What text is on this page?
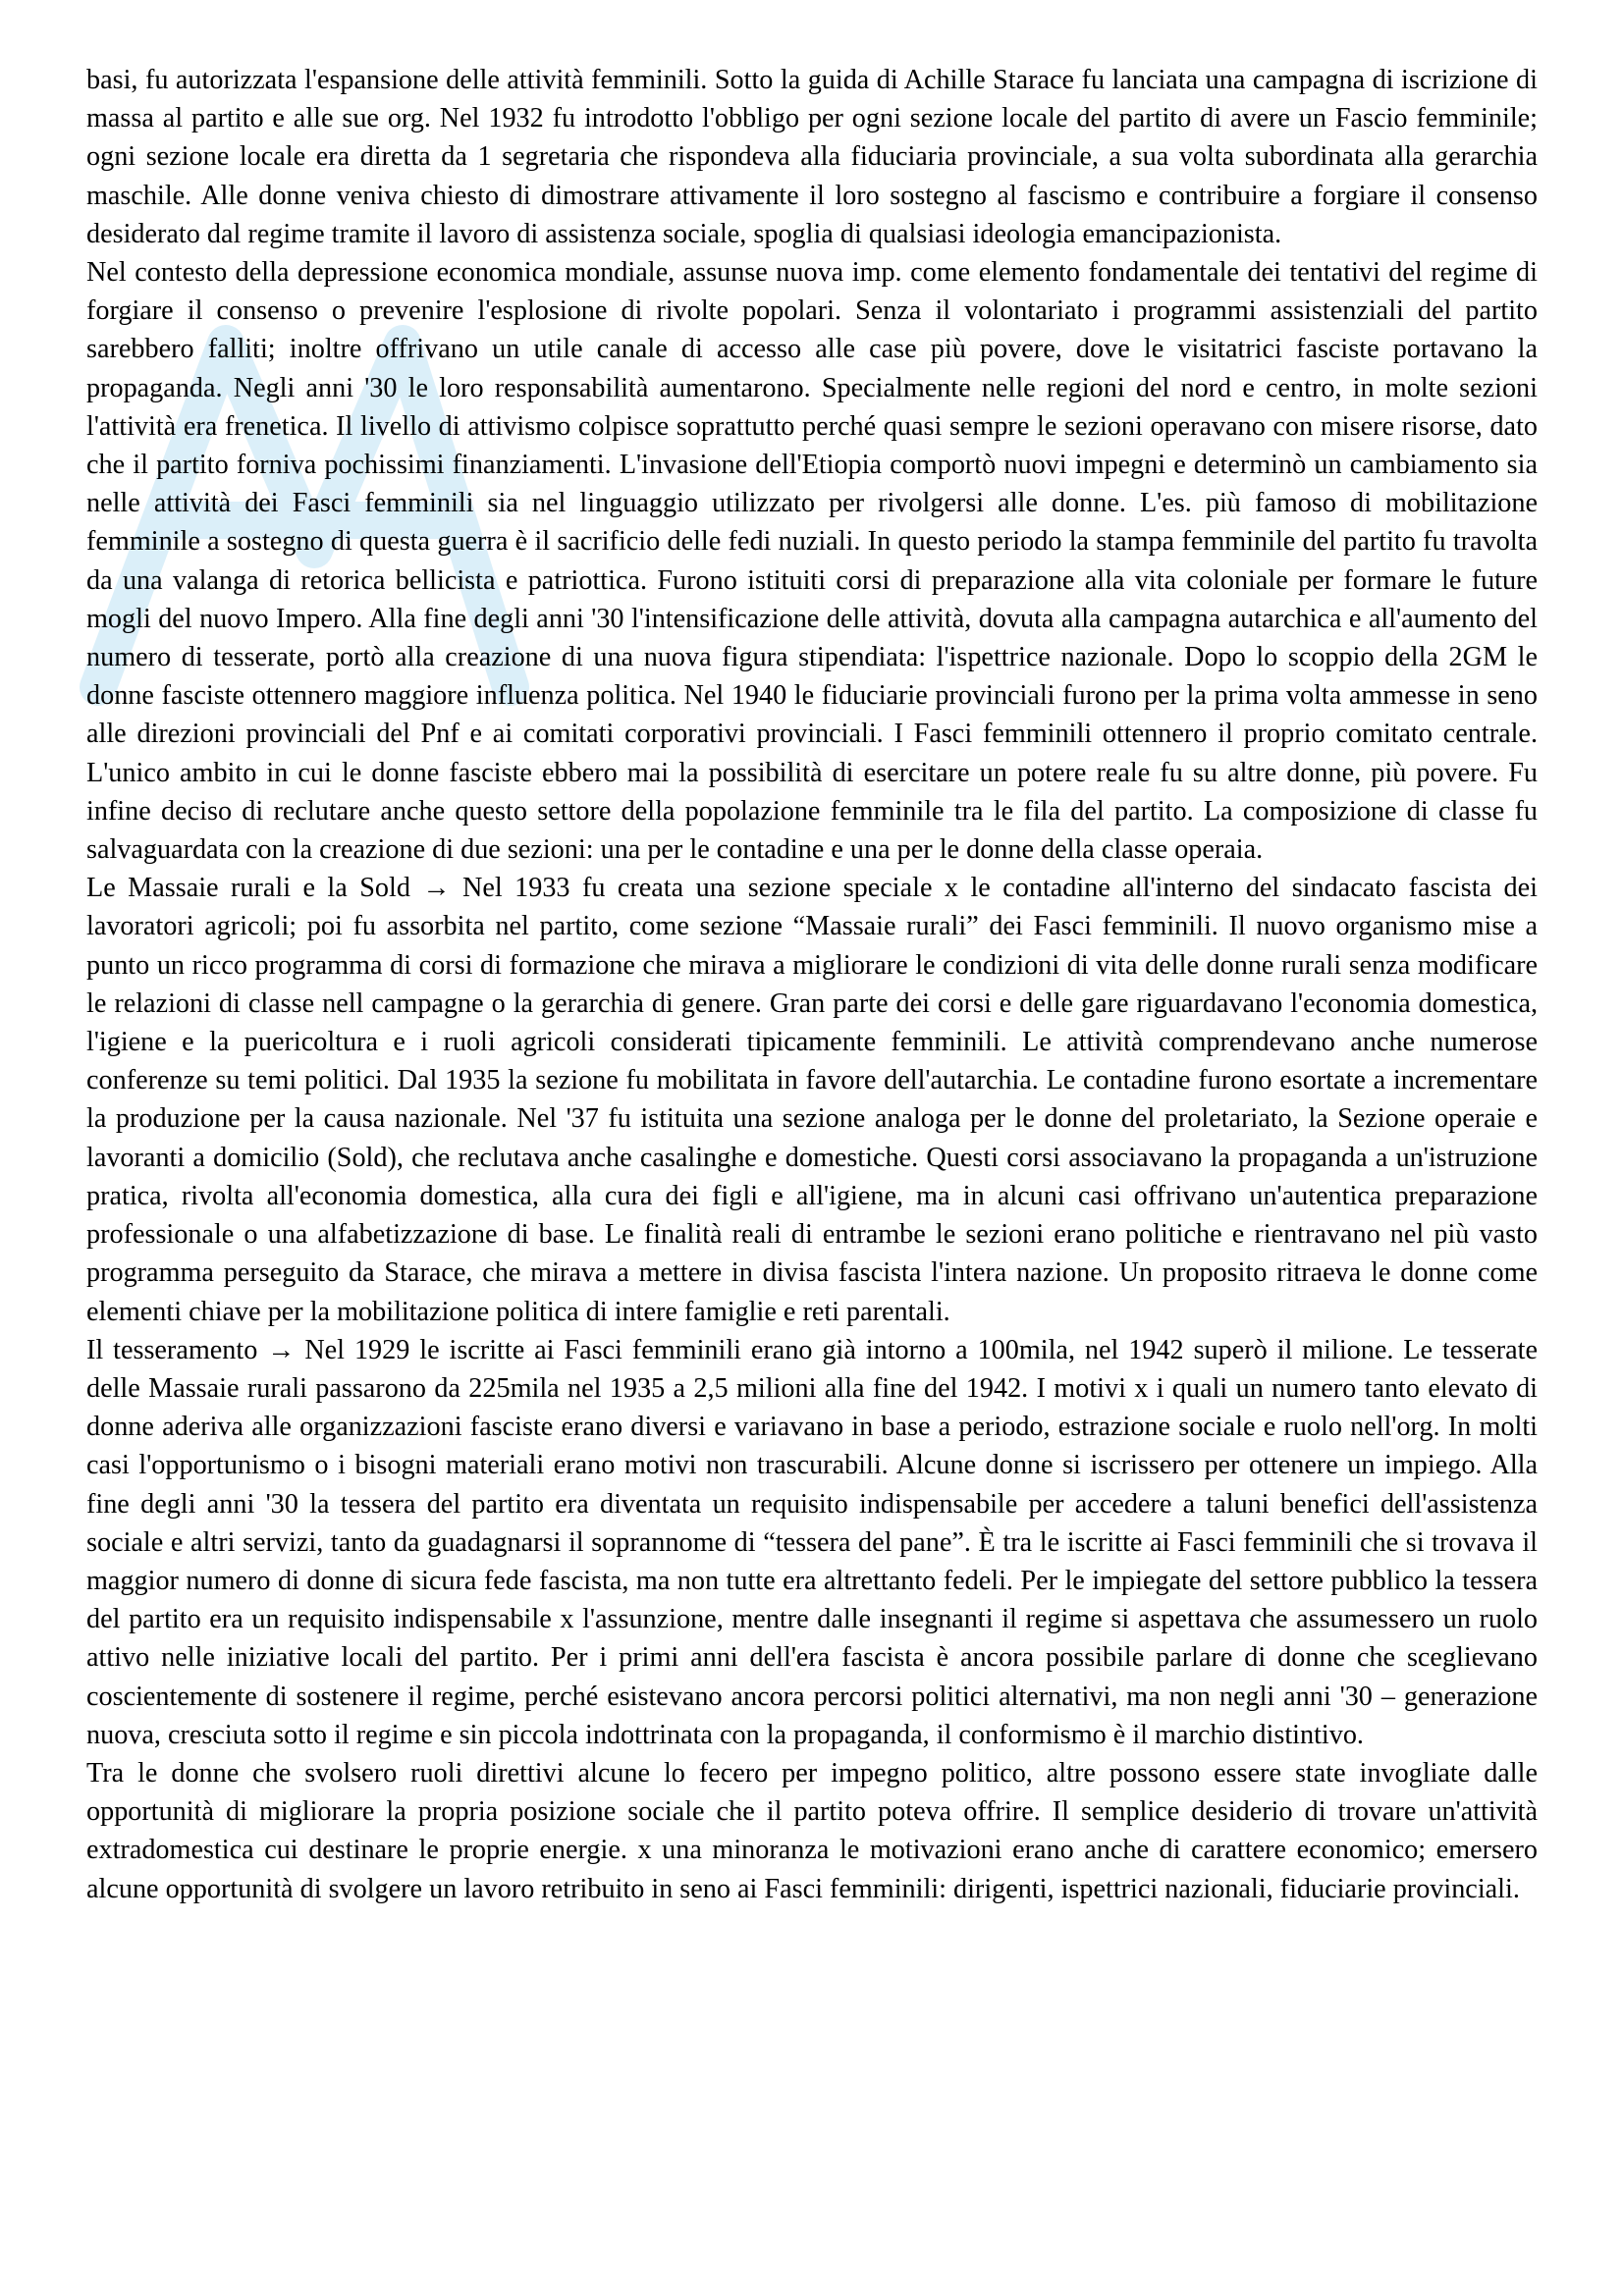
basi, fu autorizzata l'espansione delle attività femminili. Sotto la guida di Achille Starace fu lanciata una campagna di iscrizione di massa al partito e alle sue org. Nel 1932 fu introdotto l'obbligo per ogni sezione locale del partito di avere un Fascio femminile; ogni sezione locale era diretta da 1 segretaria che rispondeva alla fiduciaria provinciale, a sua volta subordinata alla gerarchia maschile. Alle donne veniva chiesto di dimostrare attivamente il loro sostegno al fascismo e contribuire a forgiare il consenso desiderato dal regime tramite il lavoro di assistenza sociale, spoglia di qualsiasi ideologia emancipazionista.

Nel contesto della depressione economica mondiale, assunse nuova imp. come elemento fondamentale dei tentativi del regime di forgiare il consenso o prevenire l'esplosione di rivolte popolari. Senza il volontariato i programmi assistenziali del partito sarebbero falliti; inoltre offrivano un utile canale di accesso alle case più povere, dove le visitatrici fasciste portavano la propaganda. Negli anni '30 le loro responsabilità aumentarono. Specialmente nelle regioni del nord e centro, in molte sezioni l'attività era frenetica. Il livello di attivismo colpisce soprattutto perché quasi sempre le sezioni operavano con misere risorse, dato che il partito forniva pochissimi finanziamenti. L'invasione dell'Etiopia comportò nuovi impegni e determinò un cambiamento sia nelle attività dei Fasci femminili sia nel linguaggio utilizzato per rivolgersi alle donne. L'es. più famoso di mobilitazione femminile a sostegno di questa guerra è il sacrificio delle fedi nuziali. In questo periodo la stampa femminile del partito fu travolta da una valanga di retorica bellicista e patriottica. Furono istituiti corsi di preparazione alla vita coloniale per formare le future mogli del nuovo Impero. Alla fine degli anni '30 l'intensificazione delle attività, dovuta alla campagna autarchica e all'aumento del numero di tesserate, portò alla creazione di una nuova figura stipendiata: l'ispettrice nazionale. Dopo lo scoppio della 2GM le donne fasciste ottennero maggiore influenza politica. Nel 1940 le fiduciarie provinciali furono per la prima volta ammesse in seno alle direzioni provinciali del Pnf e ai comitati corporativi provinciali. I Fasci femminili ottennero il proprio comitato centrale. L'unico ambito in cui le donne fasciste ebbero mai la possibilità di esercitare un potere reale fu su altre donne, più povere. Fu infine deciso di reclutare anche questo settore della popolazione femminile tra le fila del partito. La composizione di classe fu salvaguardata con la creazione di due sezioni: una per le contadine e una per le donne della classe operaia.

Le Massaie rurali e la Sold → Nel 1933 fu creata una sezione speciale x le contadine all'interno del sindacato fascista dei lavoratori agricoli; poi fu assorbita nel partito, come sezione “Massaie rurali” dei Fasci femminili. Il nuovo organismo mise a punto un ricco programma di corsi di formazione che mirava a migliorare le condizioni di vita delle donne rurali senza modificare le relazioni di classe nell campagne o la gerarchia di genere. Gran parte dei corsi e delle gare riguardavano l'economia domestica, l'igiene e la puericoltura e i ruoli agricoli considerati tipicamente femminili. Le attività comprendevano anche numerose conferenze su temi politici. Dal 1935 la sezione fu mobilitata in favore dell'autarchia. Le contadine furono esortate a incrementare la produzione per la causa nazionale. Nel '37 fu istituita una sezione analoga per le donne del proletariato, la Sezione operaie e lavoranti a domicilio (Sold), che reclutava anche casalinghe e domestiche. Questi corsi associavano la propaganda a un'istruzione pratica, rivolta all'economia domestica, alla cura dei figli e all'igiene, ma in alcuni casi offrivano un'autentica preparazione professionale o una alfabetizzazione di base. Le finalità reali di entrambe le sezioni erano politiche e rientravano nel più vasto programma perseguito da Starace, che mirava a mettere in divisa fascista l'intera nazione. Un proposito ritraeva le donne come elementi chiave per la mobilitazione politica di intere famiglie e reti parentali.

Il tesseramento → Nel 1929 le iscritte ai Fasci femminili erano già intorno a 100mila, nel 1942 superò il milione. Le tesserate delle Massaie rurali passarono da 225mila nel 1935 a 2,5 milioni alla fine del 1942. I motivi x i quali un numero tanto elevato di donne aderiva alle organizzazioni fasciste erano diversi e variavano in base a periodo, estrazione sociale e ruolo nell'org. In molti casi l'opportunismo o i bisogni materiali erano motivi non trascurabili. Alcune donne si iscrissero per ottenere un impiego. Alla fine degli anni '30 la tessera del partito era diventata un requisito indispensabile per accedere a taluni benefici dell'assistenza sociale e altri servizi, tanto da guadagnarsi il soprannome di “tessera del pane”. È tra le iscritte ai Fasci femminili che si trovava il maggior numero di donne di sicura fede fascista, ma non tutte era altrettanto fedeli. Per le impiegate del settore pubblico la tessera del partito era un requisito indispensabile x l'assunzione, mentre dalle insegnanti il regime si aspettava che assumessero un ruolo attivo nelle iniziative locali del partito. Per i primi anni dell'era fascista è ancora possibile parlare di donne che sceglievano coscientemente di sostenere il regime, perché esistevano ancora percorsi politici alternativi, ma non negli anni '30 – generazione nuova, cresciuta sotto il regime e sin piccola indottrinata con la propaganda, il conformismo è il marchio distintivo.

Tra le donne che svolsero ruoli direttivi alcune lo fecero per impegno politico, altre possono essere state invogliate dalle opportunità di migliorare la propria posizione sociale che il partito poteva offrire. Il semplice desiderio di trovare un'attività extradomestica cui destinare le proprie energie. x una minoranza le motivazioni erano anche di carattere economico; emersero alcune opportunità di svolgere un lavoro retribuito in seno ai Fasci femminili: dirigenti, ispettrici nazionali, fiduciarie provinciali.
